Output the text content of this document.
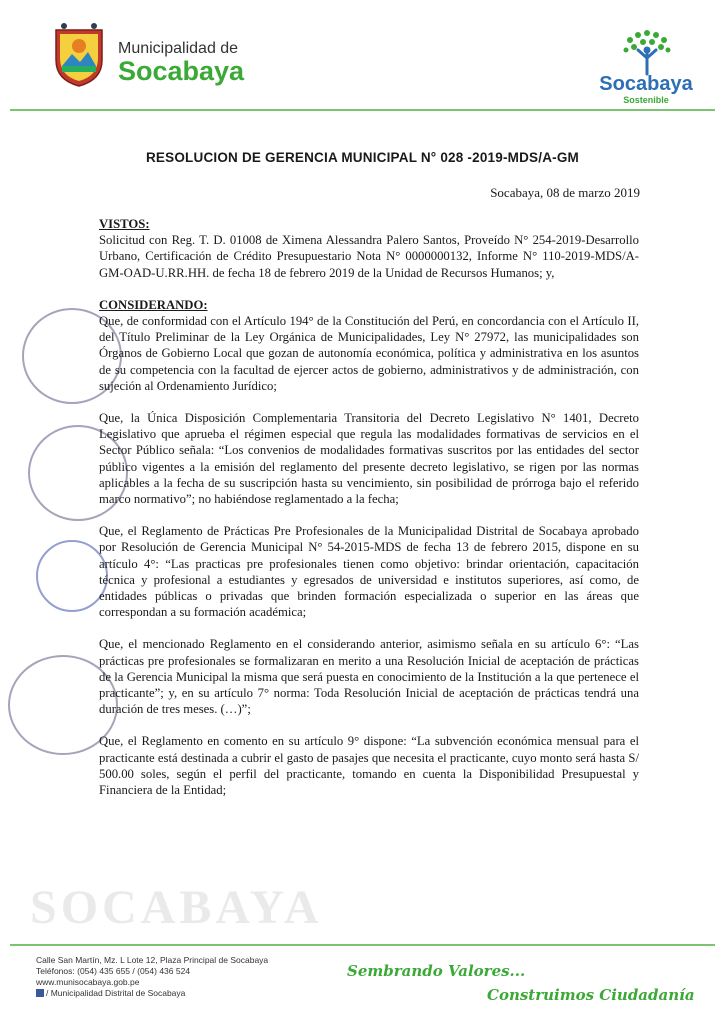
Municipalidad de
Socabaya	Socabaya
Sostenible
RESOLUCION DE GERENCIA MUNICIPAL N° 028 -2019-MDS/A-GM
Socabaya, 08 de marzo 2019
VISTOS:

Solicitud con Reg. T. D. 01008 de Ximena Alessandra Palero Santos, Proveído N° 254-2019-Desarrollo Urbano, Certificación de Crédito Presupuestario Nota N° 0000000132, Informe N° 110-2019-MDS/A-GM-OAD-U.RR.HH. de fecha 18 de febrero 2019 de la Unidad de Recursos Humanos; y,

CONSIDERANDO:

Que, de conformidad con el Artículo 194° de la Constitución del Perú, en concordancia con el Artículo II, del Título Preliminar de la Ley Orgánica de Municipalidades, Ley N° 27972, las municipalidades son Órganos de Gobierno Local que gozan de autonomía económica, política y administrativa en los asuntos de su competencia con la facultad de ejercer actos de gobierno, administrativos y de administración, con sujeción al Ordenamiento Jurídico;

Que, la Única Disposición Complementaria Transitoria del Decreto Legislativo N° 1401, Decreto Legislativo que aprueba el régimen especial que regula las modalidades formativas de servicios en el Sector Público señala: “Los convenios de modalidades formativas suscritos por las entidades del sector público vigentes a la emisión del reglamento del presente decreto legislativo, se rigen por las normas aplicables a la fecha de su suscripción hasta su vencimiento, sin posibilidad de prórroga bajo el referido marco normativo”; no habiéndose reglamentado a la fecha;

Que, el Reglamento de Prácticas Pre Profesionales de la Municipalidad Distrital de Socabaya aprobado por Resolución de Gerencia Municipal N° 54-2015-MDS de fecha 13 de febrero 2015, dispone en su artículo 4°: “Las practicas pre profesionales tienen como objetivo: brindar orientación, capacitación técnica y profesional a estudiantes y egresados de universidad e institutos superiores, así como, de entidades públicas o privadas que brinden formación especializada o superior en las áreas que correspondan a su formación académica;

Que, el mencionado Reglamento en el considerando anterior, asimismo señala en su artículo 6°: “Las prácticas pre profesionales se formalizaran en merito a una Resolución Inicial de aceptación de prácticas de la Gerencia Municipal la misma que será puesta en conocimiento de la Institución a la que pertenece el practicante”; y, en su artículo 7° norma: Toda Resolución Inicial de aceptación de prácticas tendrá una duración de tres meses. (…)”;

Que, el Reglamento en comento en su artículo 9° dispone: “La subvención económica mensual para el practicante está destinada a cubrir el gasto de pasajes que necesita el practicante, cuyo monto será hasta S/ 500.00 soles, según el perfil del practicante, tomando en cuenta la Disponibilidad Presupuestal y Financiera de la Entidad;

SOCABAYA
Calle San Martín, Mz. L Lote 12, Plaza Principal de Socabaya
Teléfonos: (054) 435 655 / (054) 436 524
www.munisocabaya.gob.pe
/ Municipalidad Distrital de Socabaya
Sembrando Valores...
Construimos Ciudadanía
